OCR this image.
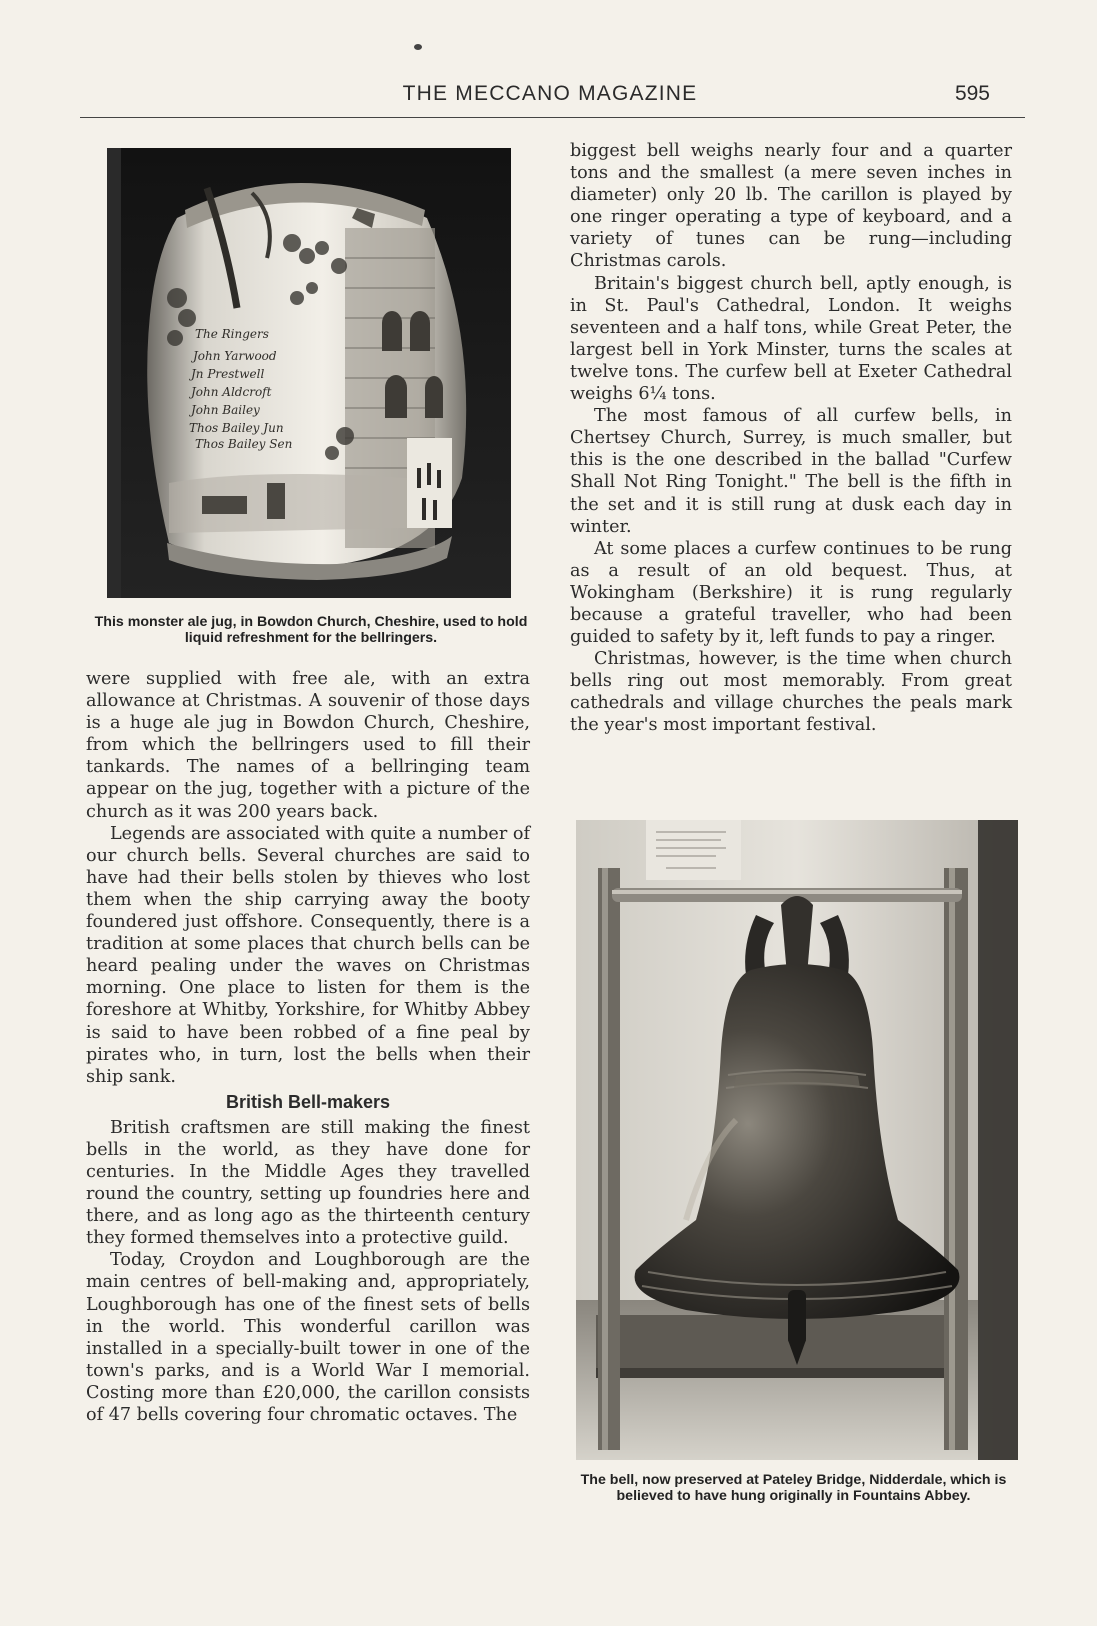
THE MECCANO MAGAZINE	595
The Ringers
John Yarwood
Jn Prestwell
John Aldcroft
John Bailey
Thos Bailey Jun
Thos Bailey Sen
This monster ale jug, in Bowdon Church, Cheshire, used to hold liquid refreshment for the bellringers.

were supplied with free ale, with an extra allowance at Christmas. A souvenir of those days is a huge ale jug in Bowdon Church, Cheshire, from which the bellringers used to fill their tankards. The names of a bellringing team appear on the jug, together with a picture of the church as it was 200 years back.

Legends are associated with quite a number of our church bells. Several churches are said to have had their bells stolen by thieves who lost them when the ship carrying away the booty foundered just offshore. Consequently, there is a tradition at some places that church bells can be heard pealing under the waves on Christmas morning. One place to listen for them is the foreshore at Whitby, Yorkshire, for Whitby Abbey is said to have been robbed of a fine peal by pirates who, in turn, lost the bells when their ship sank.

British Bell-makers

British craftsmen are still making the finest bells in the world, as they have done for centuries. In the Middle Ages they travelled round the country, setting up foundries here and there, and as long ago as the thirteenth century they formed themselves into a protective guild.

Today, Croydon and Loughborough are the main centres of bell-making and, appropriately, Loughborough has one of the finest sets of bells in the world. This wonderful carillon was installed in a specially-built tower in one of the town's parks, and is a World War I memorial. Costing more than £20,000, the carillon consists of 47 bells covering four chromatic octaves. The

biggest bell weighs nearly four and a quarter tons and the smallest (a mere seven inches in diameter) only 20 lb. The carillon is played by one ringer operating a type of keyboard, and a variety of tunes can be rung—including Christmas carols.

Britain's biggest church bell, aptly enough, is in St. Paul's Cathedral, London. It weighs seventeen and a half tons, while Great Peter, the largest bell in York Minster, turns the scales at twelve tons. The curfew bell at Exeter Cathedral weighs 6¼ tons.

The most famous of all curfew bells, in Chertsey Church, Surrey, is much smaller, but this is the one described in the ballad "Curfew Shall Not Ring Tonight." The bell is the fifth in the set and it is still rung at dusk each day in winter.

At some places a curfew continues to be rung as a result of an old bequest. Thus, at Wokingham (Berkshire) it is rung regularly because a grateful traveller, who had been guided to safety by it, left funds to pay a ringer.

Christmas, however, is the time when church bells ring out most memorably. From great cathedrals and village churches the peals mark the year's most important festival.

The bell, now preserved at Pateley Bridge, Nidderdale, which is believed to have hung originally in Fountains Abbey.
